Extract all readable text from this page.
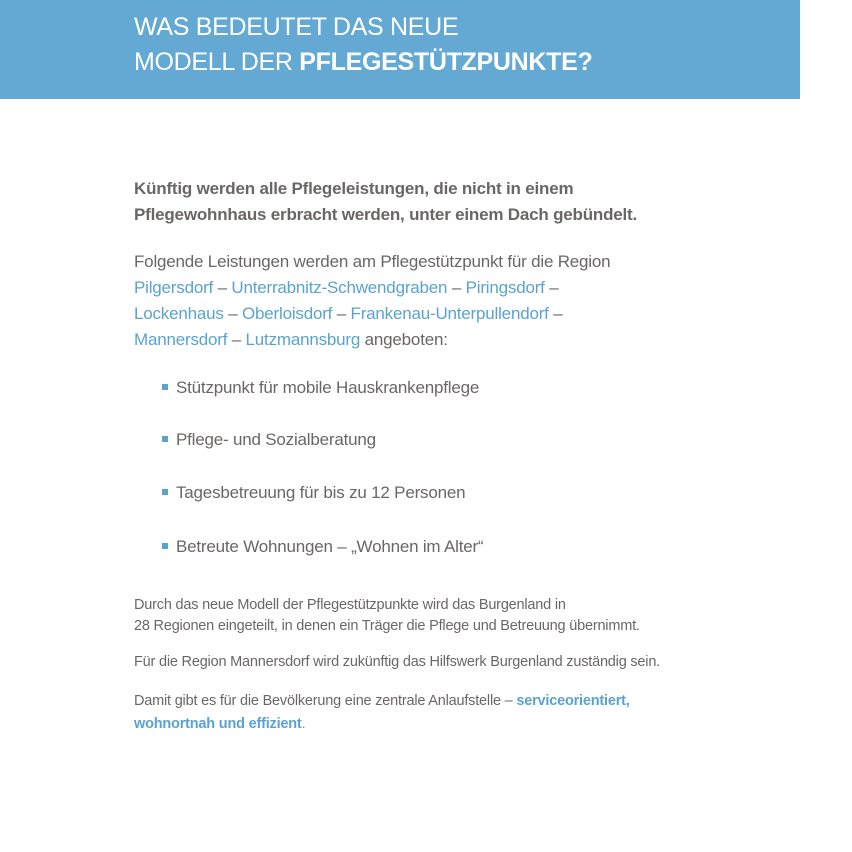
WAS BEDEUTET DAS NEUE
MODELL DER PFLEGESTÜTZPUNKTE?
Künftig werden alle Pflegeleistungen, die nicht in einem
Pflegewohnhaus erbracht werden, unter einem Dach gebündelt.
Folgende Leistungen werden am Pflegestützpunkt für die Region
Pilgersdorf – Unterrabnitz-Schwendgraben – Piringsdorf –
Lockenhaus – Oberloisdorf – Frankenau-Unterpullendorf –
Mannersdorf – Lutzmannsburg angeboten:
Stützpunkt für mobile Hauskrankenpflege
Pflege- und Sozialberatung
Tagesbetreuung für bis zu 12 Personen
Betreute Wohnungen – „Wohnen im Alter“
Durch das neue Modell der Pflegestützpunkte wird das Burgenland in
28 Regionen eingeteilt, in denen ein Träger die Pflege und Betreuung übernimmt.
Für die Region Mannersdorf wird zukünftig das Hilfswerk Burgenland zuständig sein.
Damit gibt es für die Bevölkerung eine zentrale Anlaufstelle – serviceorientiert,
wohnortnah und effizient.
